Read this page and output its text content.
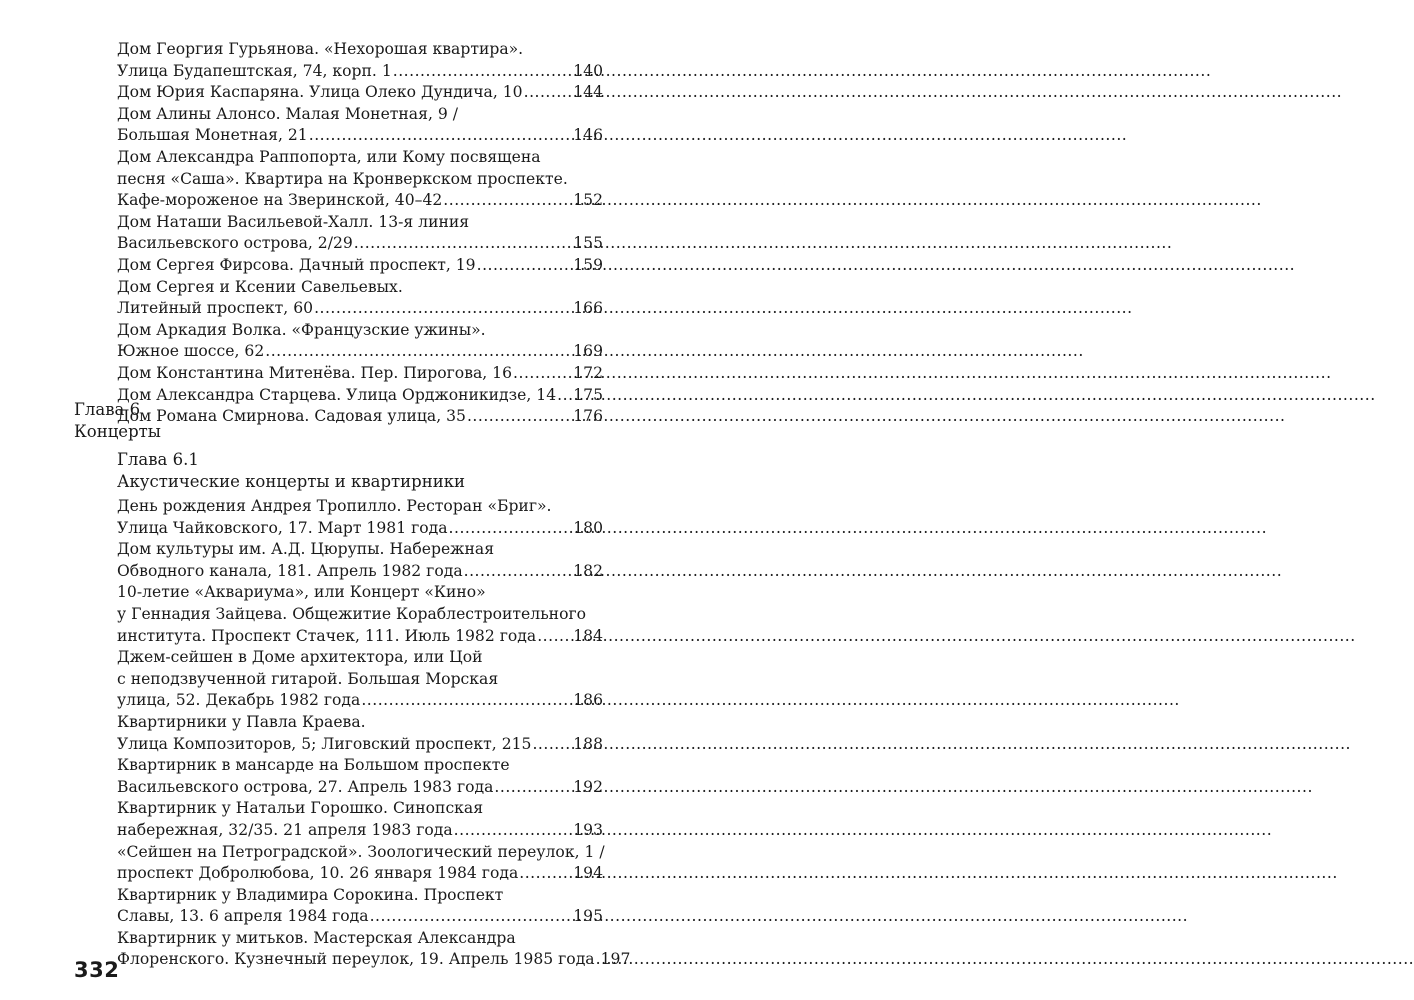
Дом Георгия Гурьянова. «Нехорошая квартира».
Улица Будапештская, 74, корп. 1 .....	140
Дом Юрия Каспаряна. Улица Олеко Дундича, 10 .....	144
Дом Алины Алонсо. Малая Монетная, 9 /
Большая Монетная, 21 .....	146
Дом Александра Раппопорта, или Кому посвящена
песня «Саша». Квартира на Кронверкском проспекте.
Кафе-мороженое на Зверинской, 40–42 .....	152
Дом Наташи Васильевой-Халл. 13-я линия
Васильевского острова, 2/29 .....	155
Дом Сергея Фирсова. Дачный проспект, 19 .....	159
Дом Сергея и Ксении Савельевых.
Литейный проспект, 60 .....	166
Дом Аркадия Волка. «Французские ужины».
Южное шоссе, 62 .....	169
Дом Константина Митенёва. Пер. Пирогова, 16 .....	172
Дом Александра Старцева. Улица Орджоникидзе, 14 ..... 175
Дом Романа Смирнова. Садовая улица, 35 .....	176
Глава 6
Концерты
Глава 6.1
Акустические концерты и квартирники
День рождения Андрея Тропилло. Ресторан «Бриг».
Улица Чайковского, 17. Март 1981 года .....	180
Дом культуры им. А.Д. Цюрупы. Набережная
Обводного канала, 181. Апрель 1982 года .....	182
10-летие «Аквариума», или Концерт «Кино»
у Геннадия Зайцева. Общежитие Кораблестроительного
института. Проспект Стачек, 111. Июль 1982 года ..... 184
Джем-сейшен в Доме архитектора, или Цой
с неподзвученной гитарой. Большая Морская
улица, 52. Декабрь 1982 года .....	186
Квартирники у Павла Краева.
Улица Композиторов, 5; Лиговский проспект, 215 .....	188
Квартирник в мансарде на Большом проспекте
Васильевского острова, 27. Апрель 1983 года .....	192
Квартирник у Натальи Горошко. Синопская
набережная, 32/35. 21 апреля 1983 года .....	193
«Сейшен на Петроградской». Зоологический переулок, 1 /
проспект Добролюбова, 10. 26 января 1984 года .....	194
Квартирник у Владимира Сорокина. Проспект
Славы, 13. 6 апреля 1984 года .....	195
Квартирник у митьков. Мастерская Александра
Флоренского. Кузнечный переулок, 19. Апрель 1985 года ..... 197
332
